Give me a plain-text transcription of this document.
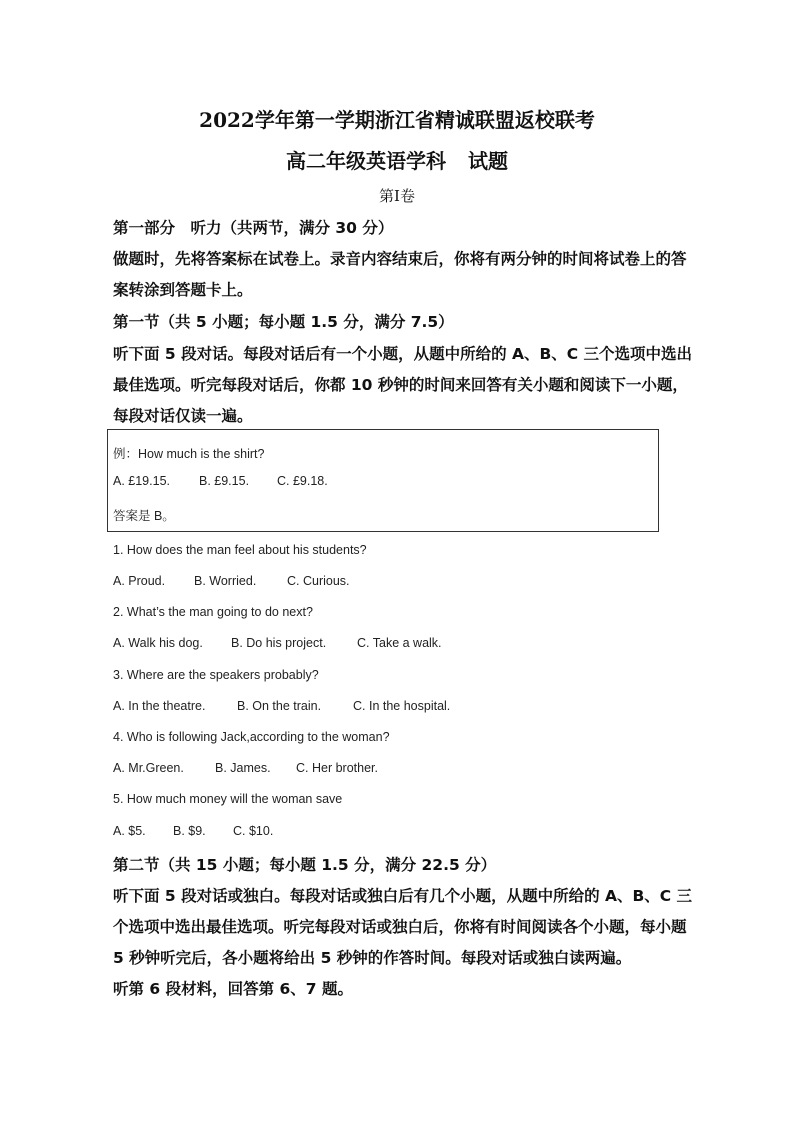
2022学年第一学期浙江省精诚联盟返校联考
高二年级英语学科 试题
第Ⅰ卷
第一部分　听力（共两节，满分 30 分）
做题时，先将答案标在试卷上。录音内容结束后，你将有两分钟的时间将试卷上的答
案转涂到答题卡上。
第一节（共 5 小题；每小题 1.5 分，满分 7.5）
听下面 5 段对话。每段对话后有一个小题，从题中所给的 A、B、C 三个选项中选出
最佳选项。听完每段对话后，你都 10 秒钟的时间来回答有关小题和阅读下一小题，
每段对话仅读一遍。
例：How much is the shirt?
A. £19.15. B. £9.15. C. £9.18.
答案是 B。
1. How does the man feel about his students?
A. Proud. B. Worried. C. Curious.
2. What’s the man going to do next?
A. Walk his dog. B. Do his project. C. Take a walk.
3. Where are the speakers probably?
A. In the theatre.	B. On the train.	C. In the hospital.
4. Who is following Jack,according to the woman?
A. Mr.Green. B. James. C. Her brother.
5. How much money will the woman save
A. $5. B. $9. C. $10.
第二节（共 15 小题；每小题 1.5 分，满分 22.5 分）
听下面 5 段对话或独白。每段对话或独白后有几个小题，从题中所给的 A、B、C 三
个选项中选出最佳选项。听完每段对话或独白后，你将有时间阅读各个小题，每小题
5 秒钟听完后，各小题将给出 5 秒钟的作答时间。每段对话或独白读两遍。
听第 6 段材料，回答第 6、7 题。
